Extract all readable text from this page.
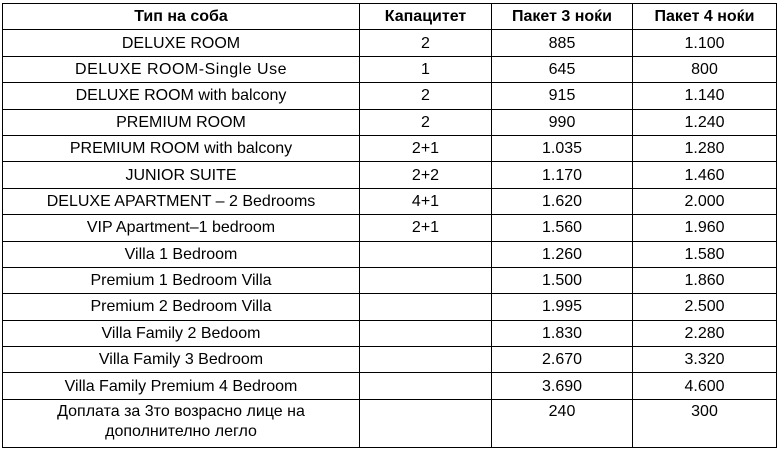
Тип на соба	Капацитет	Пакет 3 ноќи	Пакет 4 ноќи
DELUXE ROOM	2	885	1.100
DELUXE ROOM-Single Use	1	645	800
DELUXE ROOM with balcony	2	915	1.140
PREMIUM ROOM	2	990	1.240
PREMIUM ROOM with balcony	2+1	1.035	1.280
JUNIOR SUITE	2+2	1.170	1.460
DELUXE APARTMENT – 2 Bedrooms	4+1	1.620	2.000
VIP Apartment–1 bedroom	2+1	1.560	1.960
Villa 1 Bedroom		1.260	1.580
Premium 1 Bedroom Villa		1.500	1.860
Premium 2 Bedroom Villa		1.995	2.500
Villa Family 2 Bedoom		1.830	2.280
Villa Family 3 Bedroom		2.670	3.320
Villa Family Premium 4 Bedroom		3.690	4.600
Доплата за 3то возрасно лице на дополнително легло		240	300
